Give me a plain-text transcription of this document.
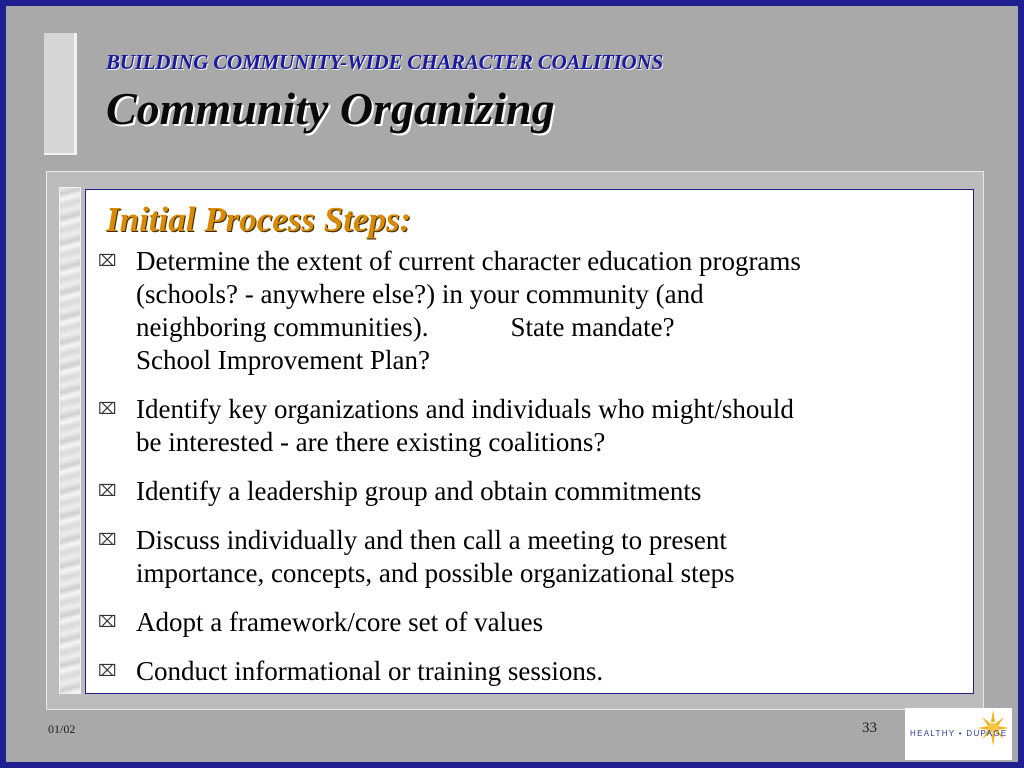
BUILDING COMMUNITY-WIDE CHARACTER COALITIONS
Community Organizing
Initial Process Steps:
⌧ Determine the extent of current character education programs
(schools? - anywhere else?) in your community (and
neighboring communities).	State mandate?
School Improvement Plan?
⌧ Identify key organizations and individuals who might/should
be interested - are there existing coalitions?
⌧ Identify a leadership group and obtain commitments
⌧ Discuss individually and then call a meeting to present
importance, concepts, and possible organizational steps
⌧ Adopt a framework/core set of values
⌧ Conduct informational or training sessions.
01/02	33	HEALTHY • DUPAGE
